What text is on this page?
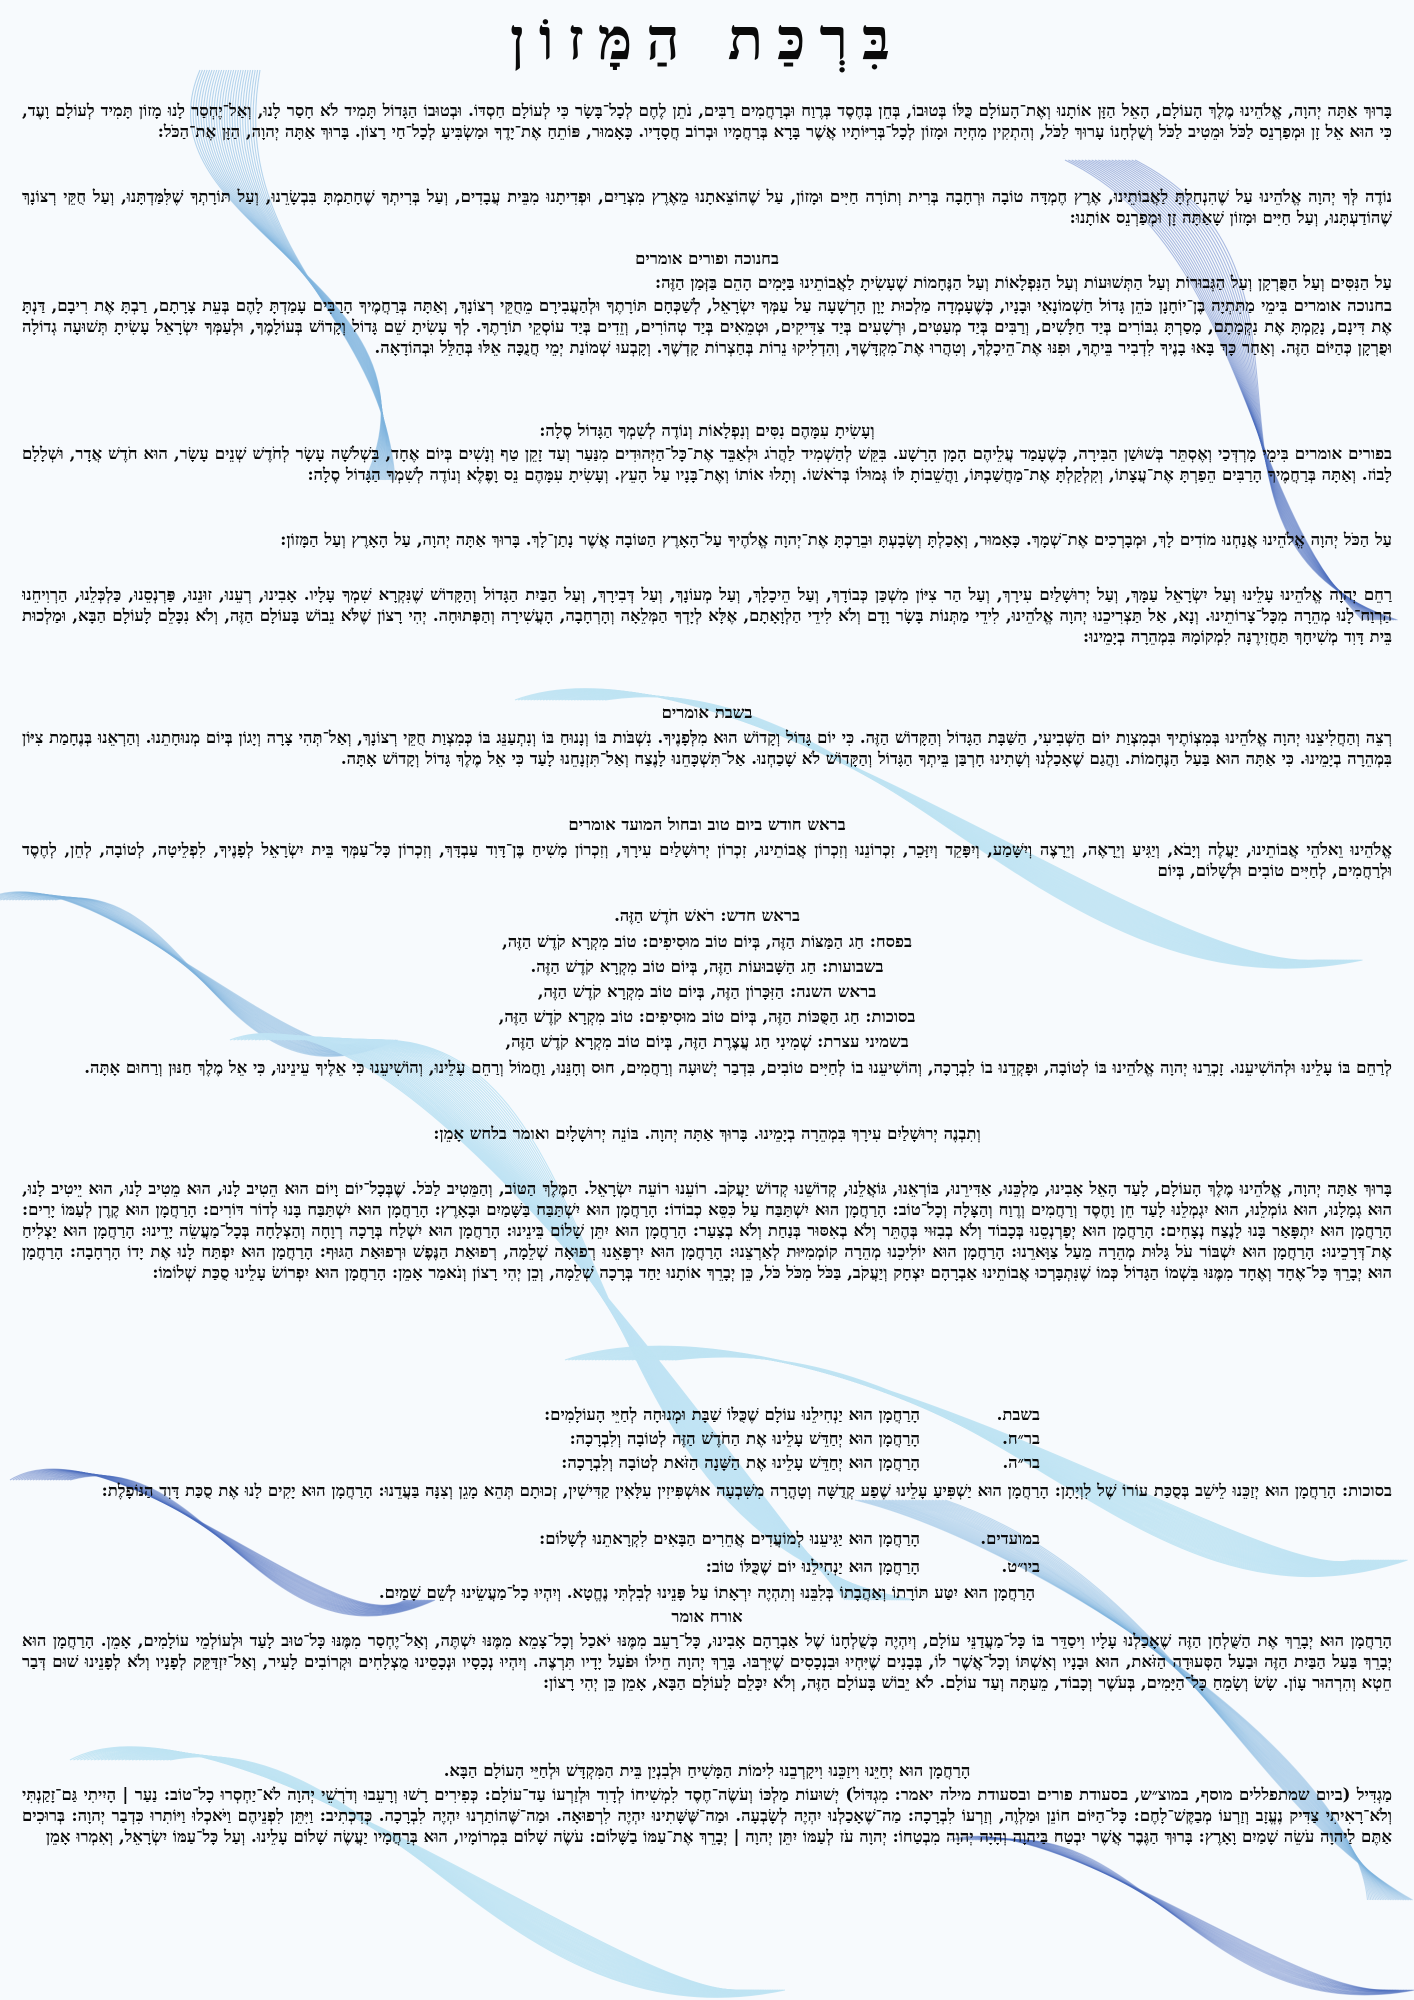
בִּרְכַּת הַמָּזוֹן
בָּרוּךְ אַתָּה יְהוָה, אֱלֹהֵינוּ מֶלֶךְ הָעוֹלָם, הָאֵל הַזָּן אוֹתָנוּ וְאֶת־הָעוֹלָם כֻּלּוֹ בְּטוּבוֹ, בְּחֵן בְּחֶסֶד בְּרֶוַח וּבְרַחֲמִים רַבִּים, נֹתֵן לֶחֶם לְכָל־בָּשָׂר כִּי לְעוֹלָם חַסְדּוֹ. וּבְטוּבוֹ הַגָּדוֹל תָּמִיד לֹא חָסַר לָנוּ, וְאַל־יֶחְסַר לָנוּ מָזוֹן תָּמִיד לְעוֹלָם וָעֶד, כִּי הוּא אֵל זָן וּמְפַרְנֵס לַכֹּל וּמֵטִיב לַכֹּל וְשֻׁלְחָנוֹ עָרוּךְ לַכֹּל, וְהִתְקִין מִחְיָה וּמָזוֹן לְכָל־בְּרִיּוֹתָיו אֲשֶׁר בָּרָא בְּרַחֲמָיו וּבְרוֹב חֲסָדָיו. כָּאָמוּר, פּוֹתֵחַ אֶת־יָדֶךָ וּמַשְׂבִּיעַ לְכָל־חַי רָצוֹן. בָּרוּךְ אַתָּה יְהוָה, הַזָּן אֶת־הַכֹּל:
נוֹדֶה לְּךָ יְהוָה אֱלֹהֵינוּ עַל שֶׁהִנְחַלְתָּ לַאֲבוֹתֵינוּ, אֶרֶץ חֶמְדָּה טוֹבָה וּרְחָבָה בְּרִית וְתוֹרָה חַיִּים וּמָזוֹן, עַל שֶׁהוֹצֵאתָנוּ מֵאֶרֶץ מִצְרַיִם, וּפְדִיתָנוּ מִבֵּית עֲבָדִים, וְעַל בְּרִיתְךָ שֶׁחָתַמְתָּ בִּבְשָׂרֵנוּ, וְעַל תּוֹרָתְךָ שֶׁלִּמַּדְתָּנוּ, וְעַל חֻקֵּי רְצוֹנָךְ שֶׁהוֹדַעְתָּנוּ, וְעַל חַיִּים וּמָזוֹן שָׁאַתָּה זָן וּמְפַרְנֵס אוֹתָנוּ:
בחנוכה ופורים אומרים
עַל הַנִּסִּים וְעַל הַפֻּרְקָן וְעַל הַגְּבוּרוֹת וְעַל הַתְּשׁוּעוֹת וְעַל הַנִּפְלָאוֹת וְעַל הַנֶּחָמוֹת שֶׁעָשִׂיתָ לַאֲבוֹתֵינוּ בַּיָּמִים הָהֵם בַּזְּמַן הַזֶּה:
בחנוכה אומרים בִּימֵי מַתִּתְיָה בֶּן־יוֹחָנָן כֹּהֵן גָּדוֹל חַשְׁמוֹנָאִי וּבָנָיו, כְּשֶׁעָמְדָה מַלְכוּת יָוָן הָרְשָׁעָה עַל עַמְּךָ יִשְׂרָאֵל, לְשַׁכְּחָם תּוֹרָתֶךָ וּלְהַעֲבִירָם מֵחֻקֵּי רְצוֹנָךְ, וְאַתָּה בְּרַחֲמֶיךָ הָרַבִּים עָמַדְתָּ לָהֶם בְּעֵת צָרָתָם, רַבְתָּ אֶת רִיבָם, דַּנְתָּ אֶת דִּינָם, נָקַמְתָּ אֶת נִקְמָתָם, מָסַרְתָּ גִבּוֹרִים בְּיַד חַלָּשִׁים, וְרַבִּים בְּיַד מְעַטִּים, וּרְשָׁעִים בְּיַד צַדִּיקִים, וּטְמֵאִים בְּיַד טְהוֹרִים, וְזֵדִים בְּיַד עוֹסְקֵי תוֹרָתֶךָ. לְךָ עָשִׂיתָ שֵׁם גָּדוֹל וְקָדוֹשׁ בְּעוֹלָמֶךָ, וּלְעַמְּךָ יִשְׂרָאֵל עָשִׂיתָ תְּשׁוּעָה גְדוֹלָה וּפֻרְקָן כְּהַיּוֹם הַזֶּה. וְאַחַר כָּךְ בָּאוּ בָנֶיךָ לִדְבִיר בֵּיתֶךָ, וּפִנּוּ אֶת־הֵיכָלֶךָ, וְטִהֲרוּ אֶת־מִקְדָּשֶׁךָ, וְהִדְלִיקוּ נֵרוֹת בְּחַצְרוֹת קָדְשֶׁךָ. וְקָבְעוּ שְׁמוֹנַת יְמֵי חֲנֻכָּה אֵלּוּ בְּהַלֵּל וּבְהוֹדָאָה.
וְעָשִׂיתָ עִמָּהֶם נִסִּים וְנִפְלָאוֹת וְנוֹדֶה לְשִׁמְךָ הַגָּדוֹל סֶלָה:
בפורים אומרים בִּימֵי מָרְדְּכַי וְאֶסְתֵּר בְּשׁוּשַׁן הַבִּירָה, כְּשֶׁעָמַד עֲלֵיהֶם הָמָן הָרָשָׁע. בִּקֵּשׁ לְהַשְׁמִיד לַהֲרֹג וּלְאַבֵּד אֶת־כָּל־הַיְּהוּדִים מִנַּעַר וְעַד זָקֵן טַף וְנָשִׁים בְּיוֹם אֶחָד, בִּשְׁלֹשָׁה עָשָׂר לְחֹדֶשׁ שְׁנֵים עָשָׂר, הוּא חֹדֶשׁ אֲדָר, וּשְׁלָלָם לָבוֹז. וְאַתָּה בְּרַחֲמֶיךָ הָרַבִּים הֵפַרְתָּ אֶת־עֲצָתוֹ, וְקִלְקַלְתָּ אֶת־מַחֲשַׁבְתּוֹ, וַהֲשֵׁבוֹתָ לּוֹ גְּמוּלוֹ בְּרֹאשׁוֹ. וְתָלוּ אוֹתוֹ וְאֶת־בָּנָיו עַל הָעֵץ. וְעָשִׂיתָ עִמָּהֶם נֵס וָפֶלֶא וְנוֹדֶה לְשִׁמְךָ הַגָּדוֹל סֶלָה:
עַל הַכֹּל יְהוָה אֱלֹהֵינוּ אֲנַחְנוּ מוֹדִים לָךְ, וּמְבָרְכִים אֶת־שְׁמָךְ. כָּאָמוּר, וְאָכַלְתָּ וְשָׂבָעְתָּ וּבֵרַכְתָּ אֶת־יְהוָה אֱלֹהֶיךָ עַל־הָאָרֶץ הַטּוֹבָה אֲשֶׁר נָתַן־לָךְ. בָּרוּךְ אַתָּה יְהוָה, עַל הָאָרֶץ וְעַל הַמָּזוֹן:
רַחֵם יְהוָה אֱלֹהֵינוּ עָלֵינוּ וְעַל יִשְׂרָאֵל עַמָּךְ, וְעַל יְרוּשָׁלַיִם עִירָךְ, וְעַל הַר צִיּוֹן מִשְׁכַּן כְּבוֹדָךְ, וְעַל הֵיכָלָךְ, וְעַל מְעוֹנָךְ, וְעַל דְּבִירָךְ, וְעַל הַבַּיִת הַגָּדוֹל וְהַקָּדוֹשׁ שֶׁנִּקְרָא שִׁמְךָ עָלָיו. אָבִינוּ, רְעֵנוּ, זוּנֵנוּ, פַּרְנְסֵנוּ, כַּלְכְּלֵנוּ, הַרְוִיחֵנוּ הַרְוַח־לָנוּ מְהֵרָה מִכָּל־צָרוֹתֵינוּ. וְנָא, אַל תַּצְרִיכֵנוּ יְהוָה אֱלֹהֵינוּ, לִידֵי מַתְּנוֹת בָּשָׂר וָדָם וְלֹא לִידֵי הַלְוָאָתָם, אֶלָּא לְיָדְךָ הַמְּלֵאָה וְהָרְחָבָה, הָעֲשִׁירָה וְהַפְּתוּחָה. יְהִי רָצוֹן שֶׁלֹּא נֵבוֹשׁ בָּעוֹלָם הַזֶּה, וְלֹא נִכָּלֵם לָעוֹלָם הַבָּא, וּמַלְכוּת בֵּית דָּוִד מְשִׁיחָךְ תַּחֲזִירֶנָּה לִמְקוֹמָהּ בִּמְהֵרָה בְיָמֵינוּ:
בשבת אומרים
רְצֵה וְהַחֲלִיצֵנוּ יְהוָה אֱלֹהֵינוּ בְּמִצְוֹתֶיךָ וּבְמִצְוַת יוֹם הַשְּׁבִיעִי, הַשַּׁבָּת הַגָּדוֹל וְהַקָּדוֹשׁ הַזֶּה. כִּי יוֹם גָּדוֹל וְקָדוֹשׁ הוּא מִלְּפָנֶיךָ. נִשְׁבֹּות בּוֹ וְנָנוּחַ בּוֹ וְנִתְעַנֵּג בּוֹ כְּמִצְוַת חֻקֵּי רְצוֹנָךְ, וְאַל־תְּהִי צָרָה וְיָגוֹן בְּיוֹם מְנוּחָתֵנוּ. וְהַרְאֵנוּ בְּנֶחָמַת צִיּוֹן בִּמְהֵרָה בְיָמֵינוּ. כִּי אַתָּה הוּא בַּעַל הַנֶּחָמוֹת. וַהֲגַם שֶׁאָכַלְנוּ וְשָׁתִינוּ חָרְבַּן בֵּיתְךָ הַגָּדוֹל וְהַקָּדוֹשׁ לֹא שָׁכַחְנוּ. אַל־תִּשְׁכָּחֵנוּ לָנֶצַח וְאַל־תִּזְנָחֵנוּ לָעַד כִּי אֵל מֶלֶךְ גָּדוֹל וְקָדוֹשׁ אָתָּה.
בראש חודש ביום טוב ובחול המועד אומרים
אֱלֹהֵינוּ וֵאלֹהֵי אֲבוֹתֵינוּ, יַעֲלֶה וְיָבֹא, וְיַגִּיעַ וְיֵרָאֶה, וְיֵרָצֶה וְיִשָּׁמַע, וְיִפָּקֵד וְיִזָּכֵר, זִכְרוֹנֵנוּ וְזִכְרוֹן אֲבוֹתֵינוּ, זִכְרוֹן יְרוּשָׁלַיִם עִירָךְ, וְזִכְרוֹן מָשִׁיחַ בֶּן־דָּוִד עַבְדָּךְ, וְזִכְרוֹן כָּל־עַמְּךָ בֵּית יִשְׂרָאֵל לְפָנֶיךָ, לִפְלֵיטָה, לְטוֹבָה, לְחֵן, לְחֶסֶד וּלְרַחֲמִים, לְחַיִּים טוֹבִים וּלְשָׁלוֹם, בְּיוֹם
בראש חדש: רֹאשׁ חֹדֶשׁ הַזֶּה.
בפסח: חַג הַמַּצּוֹת הַזֶּה, בְּיוֹם טוֹב מוּסִיפִים: טוֹב מִקְרָא קֹדֶשׁ הַזֶּה,
בשבועות: חַג הַשָּׁבוּעוֹת הַזֶּה, בְּיוֹם טוֹב מִקְרָא קֹדֶשׁ הַזֶּה.
בראש השנה: הַזִּכָּרוֹן הַזֶּה, בְּיוֹם טוֹב מִקְרָא קֹדֶשׁ הַזֶּה,
בסוכות: חַג הַסֻּכּוֹת הַזֶּה, בְּיוֹם טוֹב מוּסִיפִים: טוֹב מִקְרָא קֹדֶשׁ הַזֶּה,
בשמיני עצרת: שְׁמִינִי חַג עֲצֶרֶת הַזֶּה, בְּיוֹם טוֹב מִקְרָא קֹדֶשׁ הַזֶּה,
לְרַחֵם בּוֹ עָלֵינוּ וּלְהוֹשִׁיעֵנוּ. זָכְרֵנוּ יְהוָה אֱלֹהֵינוּ בּוֹ לְטוֹבָה, וּפָקְדֵנוּ בוֹ לִבְרָכָה, וְהוֹשִׁיעֵנוּ בוֹ לְחַיִּים טוֹבִים, בִּדְבַר יְשׁוּעָה וְרַחֲמִים, חוּס וְחָנֵּנוּ, וַחֲמוֹל וְרַחֵם עָלֵינוּ, וְהוֹשִׁיעֵנוּ כִּי אֵלֶיךָ עֵינֵינוּ, כִּי אֵל מֶלֶךְ חַנּוּן וְרַחוּם אָתָּה.
וְתִבְנֶה יְרוּשָׁלַיִם עִירָךְ בִּמְהֵרָה בְיָמֵינוּ. בָּרוּךְ אַתָּה יְהוָה. בּוֹנֵה יְרוּשָׁלָיִם ואומר בלחש אָמֵן:
בָּרוּךְ אַתָּה יְהוָה, אֱלֹהֵינוּ מֶלֶךְ הָעוֹלָם, לָעַד הָאֵל אָבִינוּ, מַלְכֵּנוּ, אַדִּירֵנוּ, בּוֹרְאֵנוּ, גּוֹאֲלֵנוּ, קְדוֹשֵׁנוּ קְדוֹשׁ יַעֲקֹב. רוֹעֵנוּ רוֹעֵה יִשְׂרָאֵל. הַמֶּלֶךְ הַטּוֹב, וְהַמֵּטִיב לַכֹּל. שֶׁבְּכָל־יוֹם וָיוֹם הוּא הֵטִיב לָנוּ, הוּא מֵטִיב לָנוּ, הוּא יֵיטִיב לָנוּ, הוּא גְמָלָנוּ, הוּא גוֹמְלֵנוּ, הוּא יִגְמְלֵנוּ לָעַד חֵן וָחֶסֶד וְרַחֲמִים וְרֶוַח וְהַצָּלָה וְכָל־טוֹב: הָרַחֲמָן הוּא יִשְׁתַּבַּח עַל כִּסֵּא כְבוֹדוֹ: הָרַחֲמָן הוּא יִשְׁתַּבַּח בַּשָּׁמַיִם וּבָאָרֶץ: הָרַחֲמָן הוּא יִשְׁתַּבַּח בָּנוּ לְדוֹר דּוֹרִים: הָרַחֲמָן הוּא קֶרֶן לְעַמּוֹ יָרִים: הָרַחֲמָן הוּא יִתְפָּאַר בָּנוּ לָנֶצַח נְצָחִים: הָרַחֲמָן הוּא יְפַרְנְסֵנוּ בְּכָבוֹד וְלֹא בְבִזּוּי בְּהֶתֵּר וְלֹא בְאִסּוּר בְּנַחַת וְלֹא בְצַעַר: הָרַחֲמָן הוּא יִתֵּן שָׁלוֹם בֵּינֵינוּ: הָרַחֲמָן הוּא יִשְׁלַח בְּרָכָה רְוָחָה וְהַצְלָחָה בְּכָל־מַעֲשֵׂה יָדֵינוּ: הָרַחֲמָן הוּא יַצְלִיחַ אֶת־דְּרָכֵינוּ: הָרַחֲמָן הוּא יִשְׁבּוֹר עֹל גָּלוּת מְהֵרָה מֵעַל צַוָּארֵנוּ: הָרַחֲמָן הוּא יוֹלִיכֵנוּ מְהֵרָה קוֹמְמִיּוּת לְאַרְצֵנוּ: הָרַחֲמָן הוּא יִרְפָּאֵנוּ רְפוּאָה שְׁלֵמָה, רְפוּאַת הַנֶּפֶשׁ וּרְפוּאַת הַגּוּף: הָרַחֲמָן הוּא יִפְתַּח לָנוּ אֶת יָדוֹ הָרְחָבָה: הָרַחֲמָן הוּא יְבָרֵךְ כָּל־אֶחָד וְאֶחָד מִמֶּנּוּ בִּשְׁמוֹ הַגָּדוֹל כְּמוֹ שֶׁנִּתְבָּרְכוּ אֲבוֹתֵינוּ אַבְרָהָם יִצְחָק וְיַעֲקֹב, בַּכֹּל מִכֹּל כֹּל, כֵּן יְבָרֵךְ אוֹתָנוּ יַחַד בְּרָכָה שְׁלֵמָה, וְכֵן יְהִי רָצוֹן וְנֹאמַר אָמֵן: הָרַחֲמָן הוּא יִפְרוֹשׂ עָלֵינוּ סֻכַּת שְׁלוֹמוֹ:
בשבת.הָרַחֲמָן הוּא יַנְחִילֵנוּ עוֹלָם שֶׁכֻּלּוֹ שַׁבָּת וּמְנוּחָה לְחַיֵּי הָעוֹלָמִים:
בר״ח.הָרַחֲמָן הוּא יְחַדֵּשׁ עָלֵינוּ אֶת הַחֹדֶשׁ הַזֶּה לְטוֹבָה וְלִבְרָכָה:
בר״ה.הָרַחֲמָן הוּא יְחַדֵּשׁ עָלֵינוּ אֶת הַשָּׁנָה הַזֹּאת לְטוֹבָה וְלִבְרָכָה:
בסוכות: הָרַחֲמָן הוּא יְזַכֵּנוּ לֵישֵׁב בְּסֻכַּת עוֹרוֹ שֶׁל לִוְיָתָן: הָרַחֲמָן הוּא יַשְׁפִּיעַ עָלֵינוּ שֶׁפַע קְדֻשָּׁה וְטָהֳרָה מִשִּׁבְעָה אוּשְׁפִּיזִין עִלָּאִין קַדִּישִׁין, זְכוּתָם תְּהֵא מָגֵן וְצִנָּה בַּעֲדֵנוּ: הָרַחֲמָן הוּא יָקִים לָנוּ אֶת סֻכַּת דָּוִד הַנּוֹפָלֶת:
במועדים.הָרַחֲמָן הוּא יַגִּיעֵנוּ לְמוֹעֲדִים אֲחֵרִים הַבָּאִים לִקְרָאתֵנוּ לְשָׁלוֹם:
ביו״ט.הָרַחֲמָן הוּא יַנְחִילֵנוּ יוֹם שֶׁכֻּלּוֹ טוֹב:
הָרַחֲמָן הוּא יִטַּע תּוֹרָתוֹ וְאַהֲבָתוֹ בְּלִבֵּנוּ וְתִהְיֶה יִרְאָתוֹ עַל פָּנֵינוּ לְבִלְתִּי נֶחֱטָא. וְיִהְיוּ כָל־מַעֲשֵׂינוּ לְשֵׁם שָׁמַיִם.
אורח אומר
הָרַחֲמָן הוּא יְבָרֵךְ אֶת הַשֻּׁלְחָן הַזֶּה שֶׁאָכַלְנוּ עָלָיו וִיסַדֵּר בּוֹ כָּל־מַעֲדַנֵּי עוֹלָם, וְיִהְיֶה כְּשֻׁלְחָנוֹ שֶׁל אַבְרָהָם אָבִינוּ, כָּל־רָעֵב מִמֶּנּוּ יֹאכַל וְכָל־צָמֵא מִמֶּנּוּ יִשְׁתֶּה, וְאַל־יֶחְסַר מִמֶּנּוּ כָּל־טוּב לָעַד וּלְעוֹלְמֵי עוֹלָמִים, אָמֵן. הָרַחֲמָן הוּא יְבָרֵךְ בַּעַל הַבַּיִת הַזֶּה וּבַעַל הַסְּעוּדָה הַזֹּאת, הוּא וּבָנָיו וְאִשְׁתּוֹ וְכָל־אֲשֶׁר לוֹ, בְּבָנִים שֶׁיִּחְיוּ וּבִנְכָסִים שֶׁיִּרְבּוּ. בָּרֵךְ יְהוָה חֵילוֹ וּפֹעַל יָדָיו תִּרְצֶה. וְיִהְיוּ נְכָסָיו וּנְכָסֵינוּ מֻצְלָחִים וּקְרוֹבִים לָעִיר, וְאַל־יִזְדַּקֵּק לְפָנָיו וְלֹא לְפָנֵינוּ שׁוּם דְּבַר חֵטְא וְהִרְהוּר עָוֹן. שָׂשׂ וְשָׂמֵחַ כָּל־הַיָּמִים, בְּעֹשֶׁר וְכָבוֹד, מֵעַתָּה וְעַד עוֹלָם. לֹא יֵבוֹשׁ בָּעוֹלָם הַזֶּה, וְלֹא יִכָּלֵם לָעוֹלָם הַבָּא, אָמֵן כֵּן יְהִי רָצוֹן:
הָרַחֲמָן הוּא יְחַיֵּנוּ וִיזַכֵּנוּ וִיקָרְבֵנוּ לִימוֹת הַמָּשִׁיחַ וּלְבִנְיַן בֵּית הַמִּקְדָּשׁ וּלְחַיֵּי הָעוֹלָם הַבָּא.
מַגְדִּיל (ביום שמתפללים מוסף, במוצ״ש, בסעודת פורים ובסעודת מילה יאמר: מִגְדּוֹל) יְשׁוּעוֹת מַלְכּוֹ וְעֹשֶׂה־חֶסֶד לִמְשִׁיחוֹ לְדָוִד וּלְזַרְעוֹ עַד־עוֹלָם: כְּפִירִים רָשׁוּ וְרָעֵבוּ וְדֹרְשֵׁי יְהוָה לֹא־יַחְסְרוּ כָל־טוֹב: נַעַר | הָיִיתִי גַּם־זָקַנְתִּי וְלֹא־רָאִיתִי צַדִּיק נֶעֱזָב וְזַרְעוֹ מְבַקֶּשׁ־לָחֶם: כָּל־הַיּוֹם חוֹנֵן וּמַלְוֶה, וְזַרְעוֹ לִבְרָכָה: מַה־שֶׁאָכַלְנוּ יִהְיֶה לְשָׂבְעָה. וּמַה־שֶּׁשָּׁתִינוּ יִהְיֶה לִרְפוּאָה. וּמַה־שֶּׁהוֹתַרְנוּ יִהְיֶה לִבְרָכָה. כְּדִכְתִיב: וַיִּתֵּן לִפְנֵיהֶם וַיֹּאכְלוּ וַיּוֹתִרוּ כִּדְבַר יְהוָה: בְּרוּכִים אַתֶּם לַיהוָה עֹשֵׂה שָׁמַיִם וָאָרֶץ: בָּרוּךְ הַגֶּבֶר אֲשֶׁר יִבְטַח בַּיהוָה וְהָיָה יְהוָה מִבְטַחוֹ: יְהוָה עֹז לְעַמּוֹ יִתֵּן יְהוָה | יְבָרֵךְ אֶת־עַמּוֹ בַשָּׁלוֹם: עֹשֶׂה שָׁלוֹם בִּמְרוֹמָיו, הוּא בְּרַחֲמָיו יַעֲשֶׂה שָׁלוֹם עָלֵינוּ. וְעַל כָּל־עַמּוֹ יִשְׂרָאֵל, וְאִמְרוּ אָמֵן
